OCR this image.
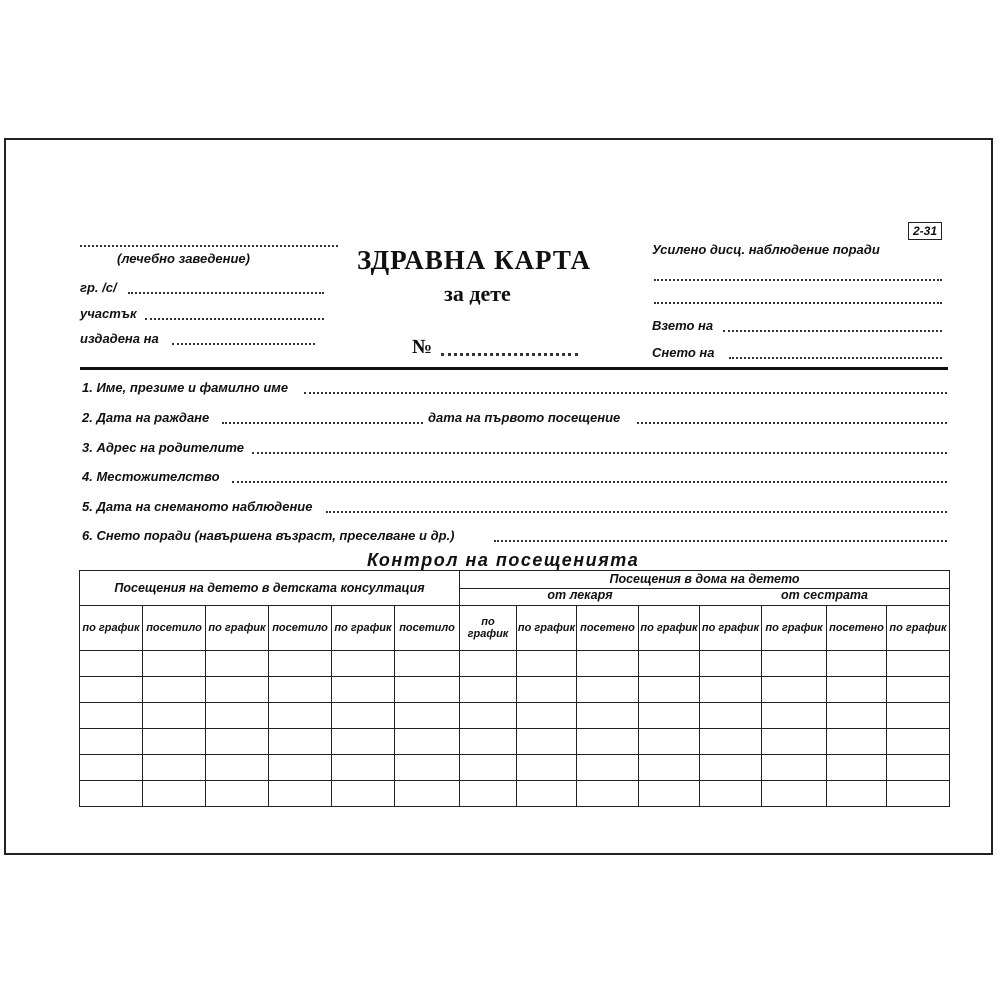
(лечебно заведение)
гр. /с/
участък
издадена на
ЗДРАВНА КАРТА
за дете
№
2-31
Усилено дисц. наблюдение поради
Взето на
Снето на
1. Име, презиме и фамилно име
2. Дата на раждане	дата на първото посещение
3. Адрес на родителите
4. Местожителство
5. Дата на снеманото наблюдение
6. Снето поради (навършена възраст, преселване и др.)
Контрол на посещенията
Посещения на детето в детската консултация						Посещения в дома на детето
от лекаря от сестрата							

по график	посетило	по график	посетило	по график	посетило	по график	по график	посетено	по график	по график	по график	посетено	по график
